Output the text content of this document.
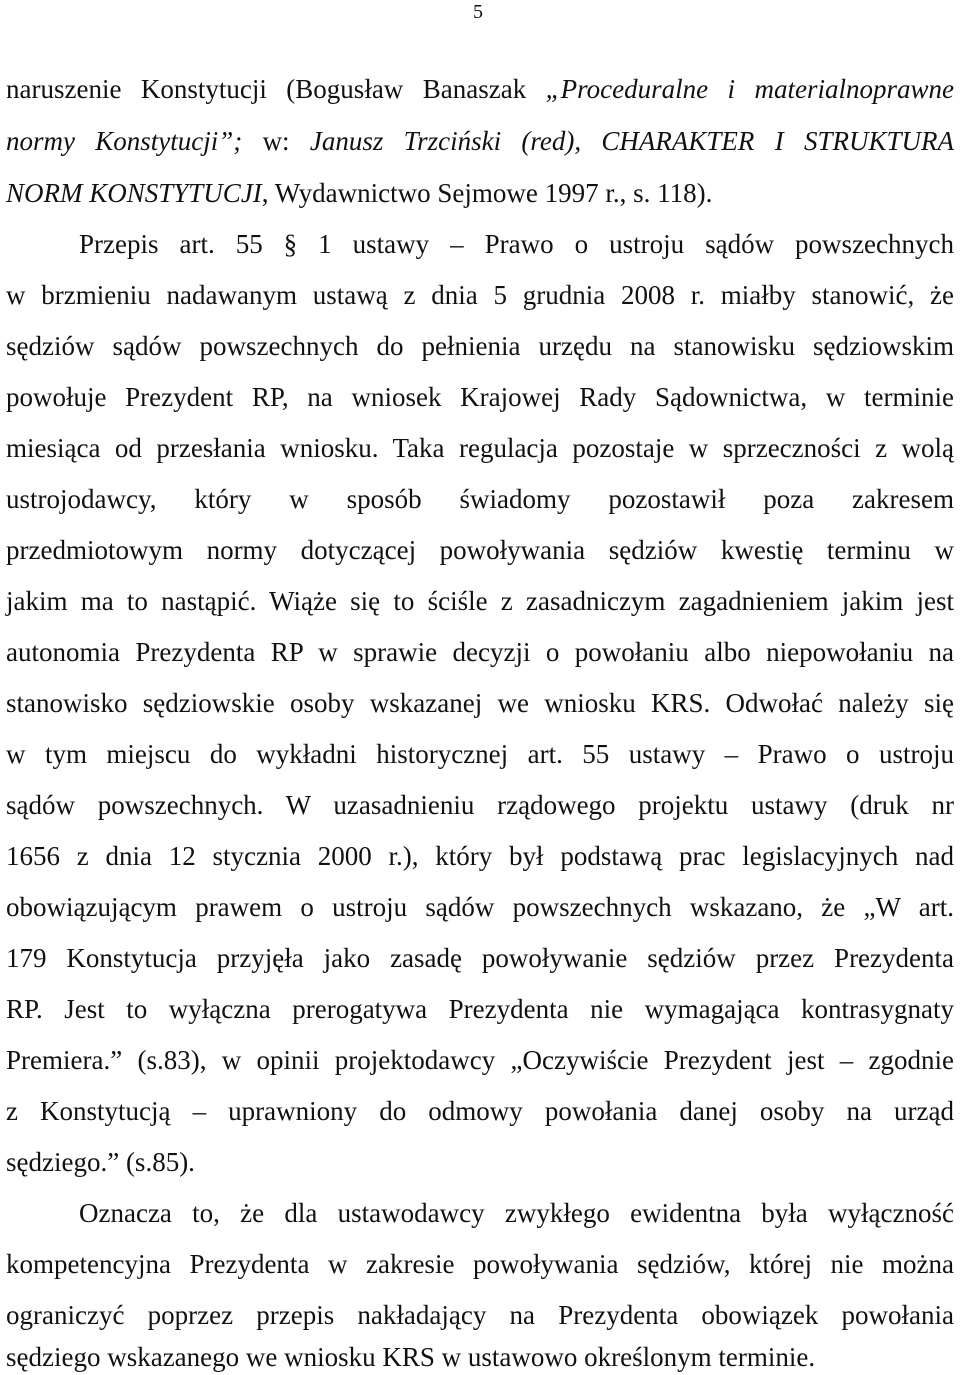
5
naruszenie Konstytucji (Bogusław Banaszak „Proceduralne i materialnoprawne
normy Konstytucji”; w: Janusz Trzciński (red), CHARAKTER I STRUKTURA
NORM KONSTYTUCJI, Wydawnictwo Sejmowe 1997 r., s. 118).
Przepis art. 55 § 1 ustawy – Prawo o ustroju sądów powszechnych
w brzmieniu nadawanym ustawą z dnia 5 grudnia 2008 r. miałby stanowić, że
sędziów sądów powszechnych do pełnienia urzędu na stanowisku sędziowskim
powołuje Prezydent RP, na wniosek Krajowej Rady Sądownictwa, w terminie
miesiąca od przesłania wniosku. Taka regulacja pozostaje w sprzeczności z wolą
ustrojodawcy, który w sposób świadomy pozostawił poza zakresem
przedmiotowym normy dotyczącej powoływania sędziów kwestię terminu w
jakim ma to nastąpić. Wiąże się to ściśle z zasadniczym zagadnieniem jakim jest
autonomia Prezydenta RP w sprawie decyzji o powołaniu albo niepowołaniu na
stanowisko sędziowskie osoby wskazanej we wniosku KRS. Odwołać należy się
w tym miejscu do wykładni historycznej art. 55 ustawy – Prawo o ustroju
sądów powszechnych. W uzasadnieniu rządowego projektu ustawy (druk nr
1656 z dnia 12 stycznia 2000 r.), który był podstawą prac legislacyjnych nad
obowiązującym prawem o ustroju sądów powszechnych wskazano, że „W art.
179 Konstytucja przyjęła jako zasadę powoływanie sędziów przez Prezydenta
RP. Jest to wyłączna prerogatywa Prezydenta nie wymagająca kontrasygnaty
Premiera.” (s.83), w opinii projektodawcy „Oczywiście Prezydent jest – zgodnie
z Konstytucją – uprawniony do odmowy powołania danej osoby na urząd
sędziego.” (s.85).
Oznacza to, że dla ustawodawcy zwykłego ewidentna była wyłączność
kompetencyjna Prezydenta w zakresie powoływania sędziów, której nie można
ograniczyć poprzez przepis nakładający na Prezydenta obowiązek powołania
sędziego wskazanego we wniosku KRS w ustawowo określonym terminie.
